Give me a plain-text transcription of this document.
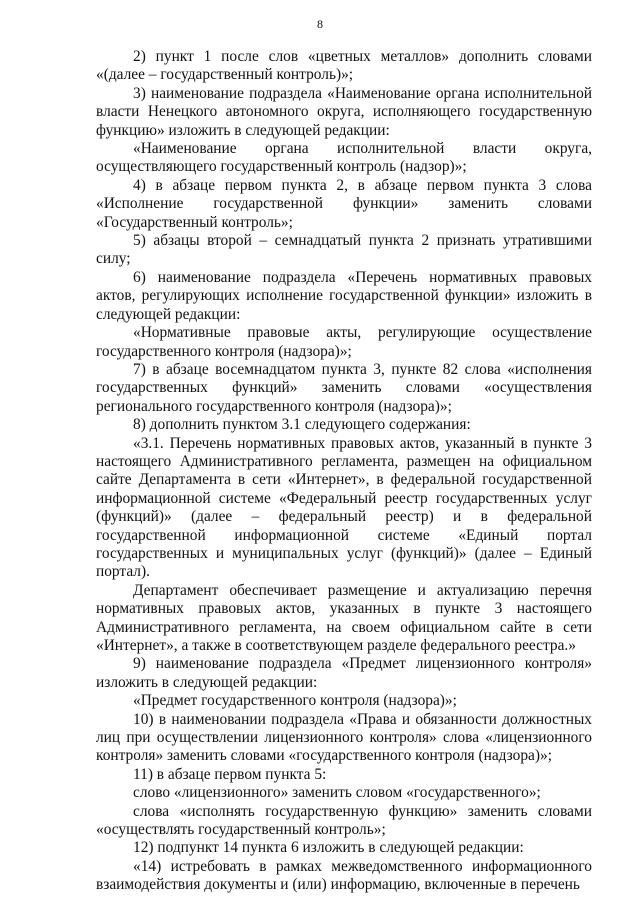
8

2) пункт 1 после слов «цветных металлов» дополнить словами «(далее – государственный контроль)»;

3) наименование подраздела «Наименование органа исполнительной власти Ненецкого автономного округа, исполняющего государственную функцию» изложить в следующей редакции:

«Наименование органа исполнительной власти округа, осуществляющего государственный контроль (надзор)»;

4) в абзаце первом пункта 2, в абзаце первом пункта 3 слова «Исполнение государственной функции» заменить словами «Государственный контроль»;

5) абзацы второй – семнадцатый пункта 2 признать утратившими силу;

6) наименование подраздела «Перечень нормативных правовых актов, регулирующих исполнение государственной функции» изложить в следующей редакции:

«Нормативные правовые акты, регулирующие осуществление государственного контроля (надзора)»;

7) в абзаце восемнадцатом пункта 3, пункте 82 слова «исполнения государственных функций» заменить словами «осуществления регионального государственного контроля (надзора)»;

8) дополнить пунктом 3.1 следующего содержания:

«3.1. Перечень нормативных правовых актов, указанный в пункте 3 настоящего Административного регламента, размещен на официальном сайте Департамента в сети «Интернет», в федеральной государственной информационной системе «Федеральный реестр государственных услуг (функций)» (далее – федеральный реестр) и в федеральной государственной информационной системе «Единый портал государственных и муниципальных услуг (функций)» (далее – Единый портал).

Департамент обеспечивает размещение и актуализацию перечня нормативных правовых актов, указанных в пункте 3 настоящего Административного регламента, на своем официальном сайте в сети «Интернет», а также в соответствующем разделе федерального реестра.»

9) наименование подраздела «Предмет лицензионного контроля» изложить в следующей редакции:

«Предмет государственного контроля (надзора)»;

10) в наименовании подраздела «Права и обязанности должностных лиц при осуществлении лицензионного контроля» слова «лицензионного контроля» заменить словами «государственного контроля (надзора)»;

11) в абзаце первом пункта 5:

слово «лицензионного» заменить словом «государственного»;

слова «исполнять государственную функцию» заменить словами «осуществлять государственный контроль»;

12) подпункт 14 пункта 6 изложить в следующей редакции:

«14) истребовать в рамках межведомственного информационного взаимодействия документы и (или) информацию, включенные в перечень
